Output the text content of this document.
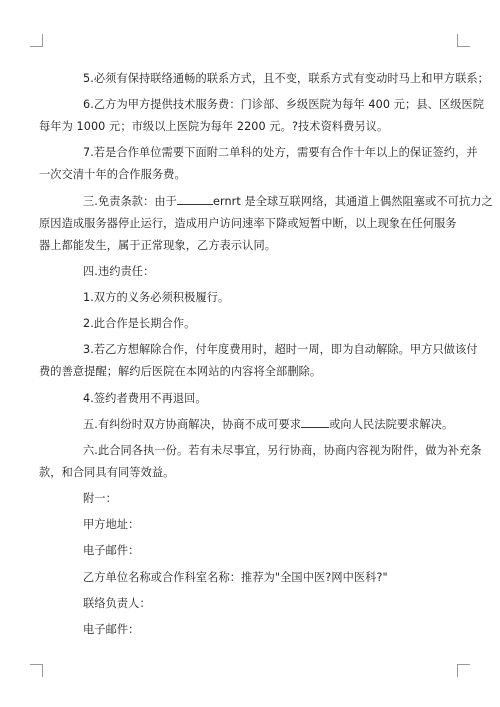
5.必须有保持联络通畅的联系方式，且不变，联系方式有变动时马上和甲方联系；
6.乙方为甲方提供技术服务费：门诊部、乡级医院为每年 400 元；县、区级医院
每年为 1000 元；市级以上医院为每年 2200 元。?技术资料费另议。
7.若是合作单位需要下面附二单科的处方，需要有合作十年以上的保证签约，并
一次交清十年的合作服务费。
三.免责条款：由于	ernrt 是全球互联网络，其通道上偶然阻塞或不可抗力之
原因造成服务器停止运行，造成用户访问速率下降或短暂中断，以上现象在任何服务
器上都能发生，属于正常现象，乙方表示认同。
四.违约责任：
1.双方的义务必须积极履行。
2.此合作是长期合作。
3.若乙方想解除合作，付年度费用时，超时一周，即为自动解除。甲方只做该付
费的善意提醒；解约后医院在本网站的内容将全部删除。
4.签约者费用不再退回。
五.有纠纷时双方协商解决，协商不成可要求	或向人民法院要求解决。
六.此合同各执一份。若有未尽事宜，另行协商，协商内容视为附件，做为补充条
款，和合同具有同等效益。
附一：
甲方地址：
电子邮件：
乙方单位名称或合作科室名称：推荐为"全国中医?网中医科?"
联络负责人：
电子邮件：
